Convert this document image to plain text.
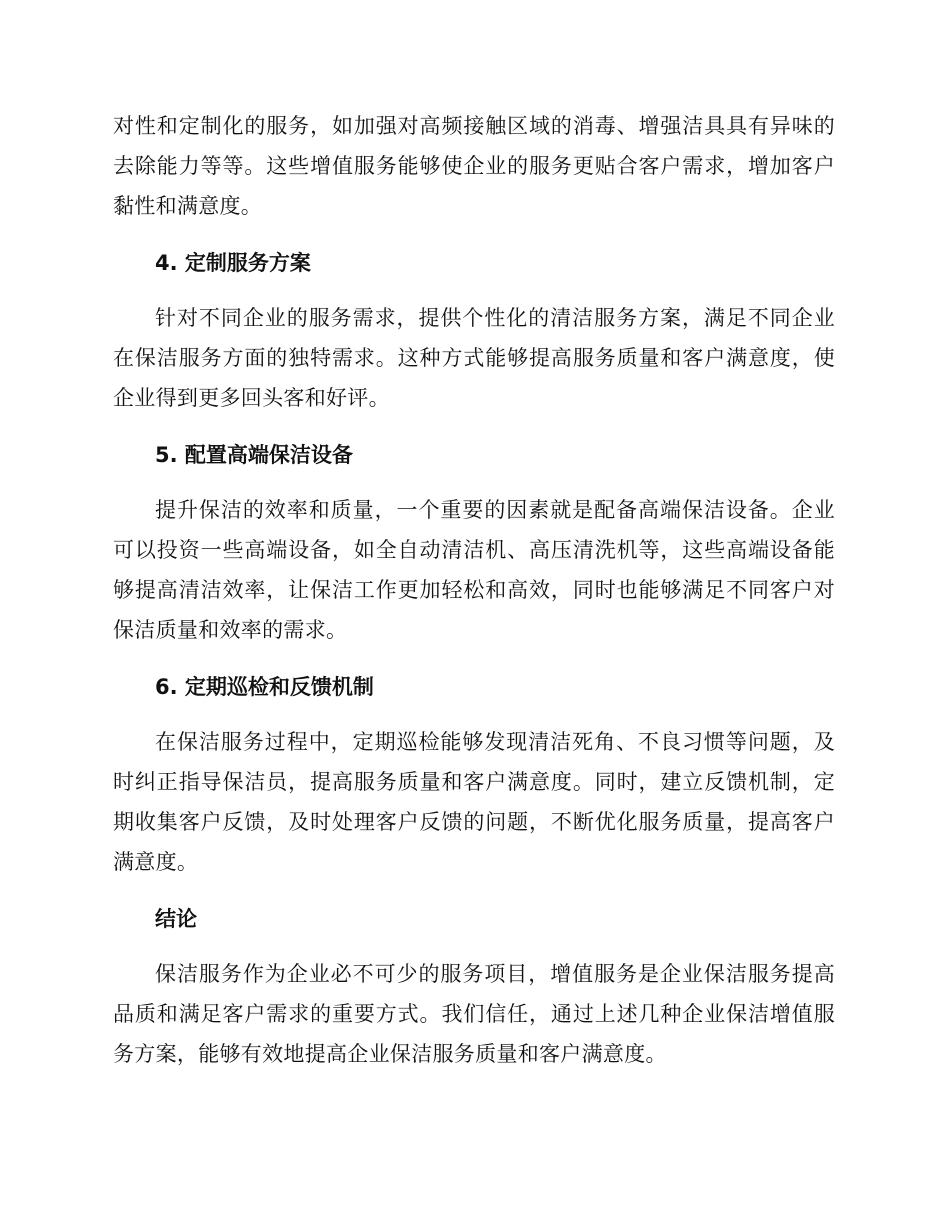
对性和定制化的服务，如加强对高频接触区域的消毒、增强洁具具有异味的去除能力等等。这些增值服务能够使企业的服务更贴合客户需求，增加客户黏性和满意度。

4. 定制服务方案

针对不同企业的服务需求，提供个性化的清洁服务方案，满足不同企业在保洁服务方面的独特需求。这种方式能够提高服务质量和客户满意度，使企业得到更多回头客和好评。

5. 配置高端保洁设备

提升保洁的效率和质量，一个重要的因素就是配备高端保洁设备。企业可以投资一些高端设备，如全自动清洁机、高压清洗机等，这些高端设备能够提高清洁效率，让保洁工作更加轻松和高效，同时也能够满足不同客户对保洁质量和效率的需求。

6. 定期巡检和反馈机制

在保洁服务过程中，定期巡检能够发现清洁死角、不良习惯等问题，及时纠正指导保洁员，提高服务质量和客户满意度。同时，建立反馈机制，定期收集客户反馈，及时处理客户反馈的问题，不断优化服务质量，提高客户满意度。

结论

保洁服务作为企业必不可少的服务项目，增值服务是企业保洁服务提高品质和满足客户需求的重要方式。我们信任，通过上述几种企业保洁增值服务方案，能够有效地提高企业保洁服务质量和客户满意度。
